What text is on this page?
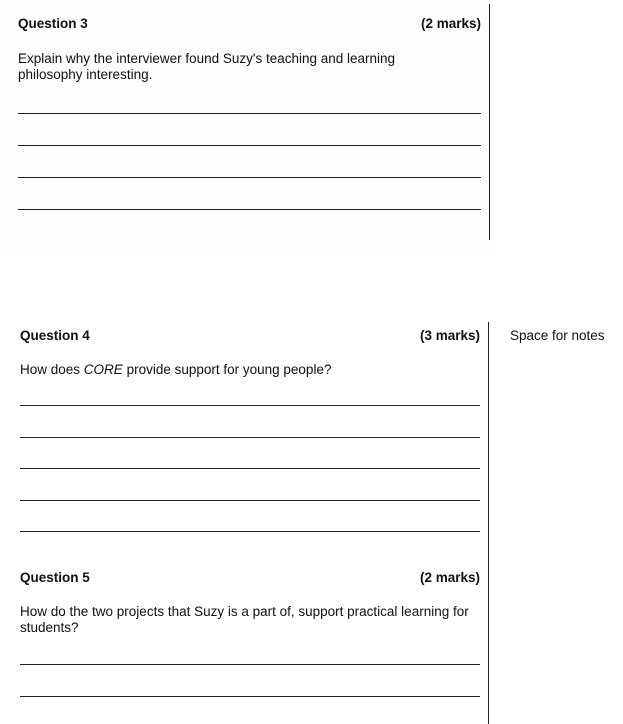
Question 3	(2 marks)
Explain why the interviewer found Suzy's teaching and learning philosophy interesting.
Question 4	(3 marks) Space for notes
How does CORE provide support for young people?
Question 5	(2 marks)
How do the two projects that Suzy is a part of, support practical learning for students?
